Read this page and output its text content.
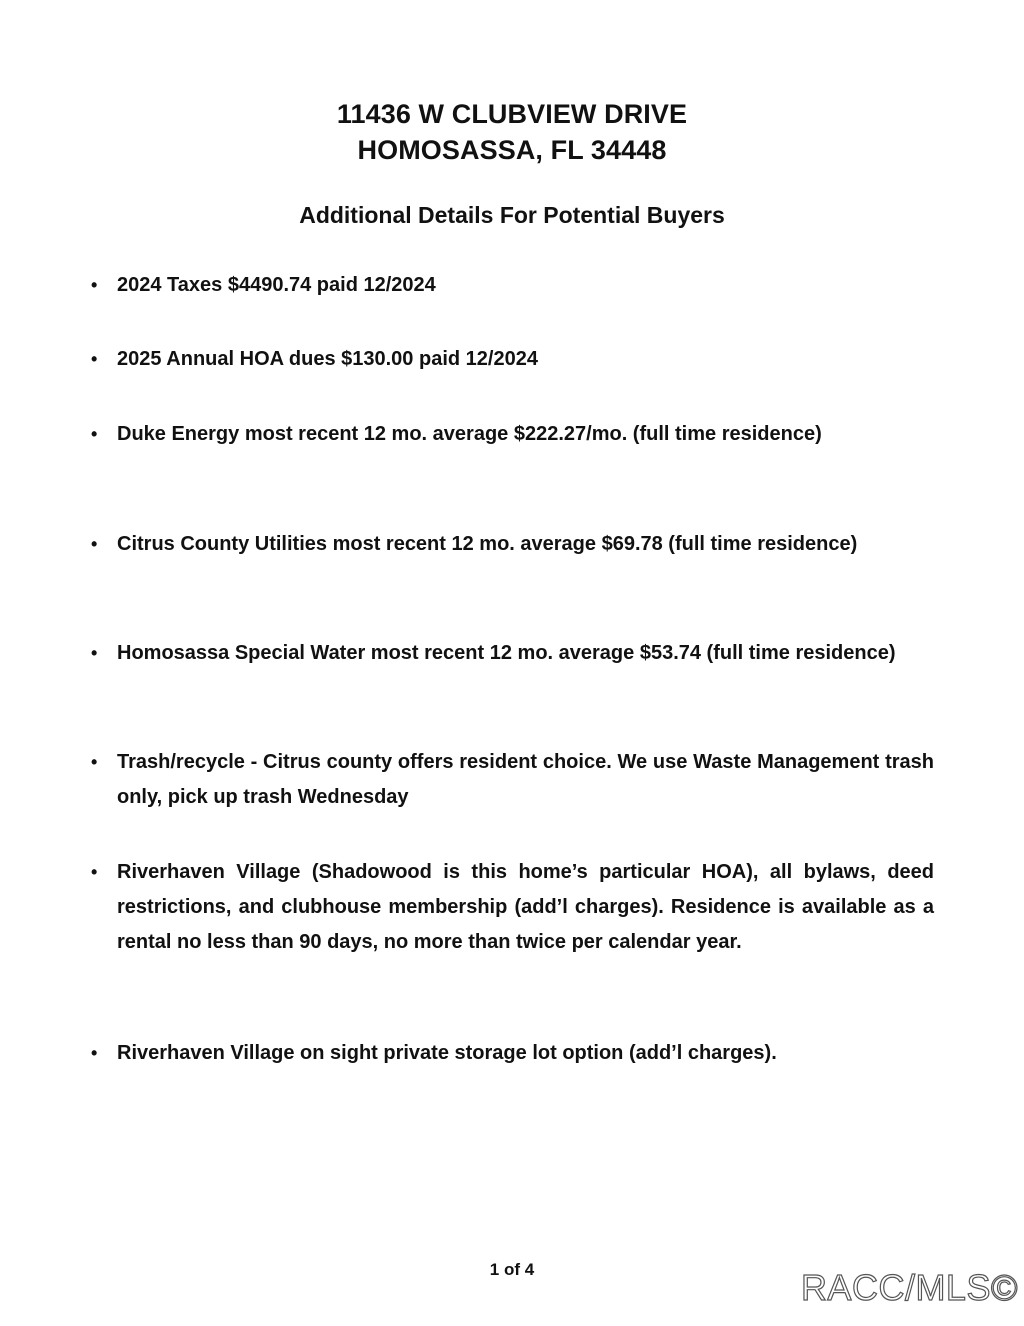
11436 W CLUBVIEW DRIVE
HOMOSASSA, FL 34448
Additional Details For Potential Buyers
• 2024 Taxes $4490.74 paid 12/2024
• 2025 Annual HOA dues $130.00 paid 12/2024
• Duke Energy most recent 12 mo. average $222.27/mo. (full time residence)
• Citrus County Utilities most recent 12 mo. average $69.78 (full time residence)
• Homosassa Special Water most recent 12 mo. average $53.74 (full time residence)
• Trash/recycle - Citrus county offers resident choice. We use Waste Management trash only, pick up trash Wednesday
• Riverhaven Village (Shadowood is this home’s particular HOA), all bylaws, deed restrictions, and clubhouse membership (add’l charges). Residence is available as a rental no less than 90 days, no more than twice per calendar year.
• Riverhaven Village on sight private storage lot option (add’l charges).
1 of 4	RACC/MLS©
